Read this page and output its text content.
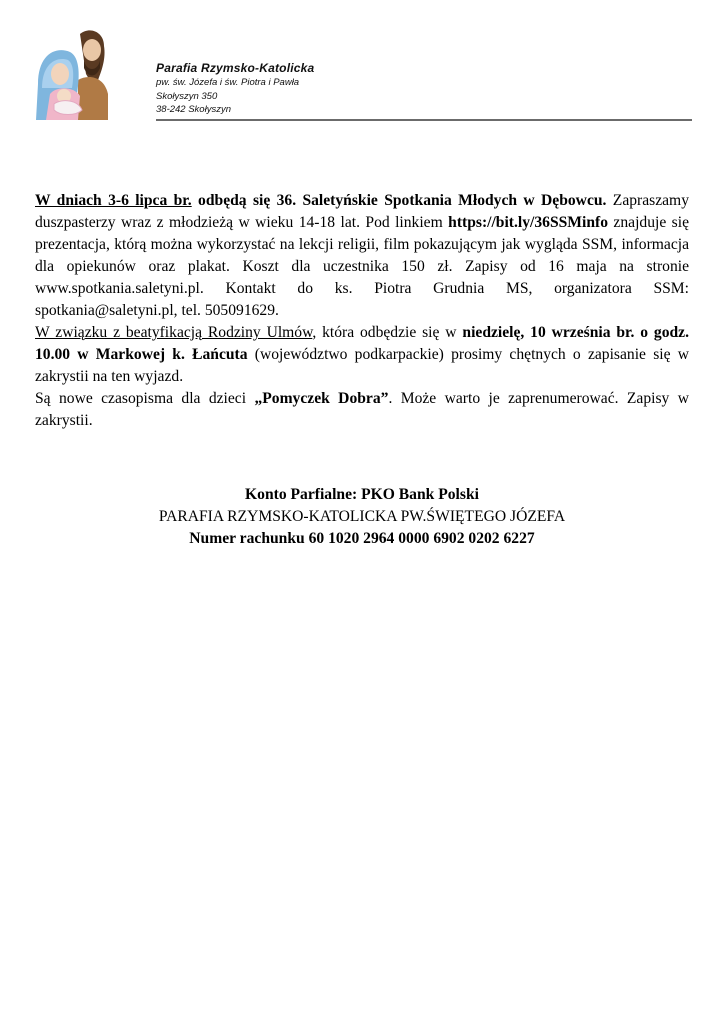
Parafia Rzymsko-Katolicka
pw. św. Józefa i św. Piotra i Pawła
Skołyszyn 350
38-242 Skołyszyn

W dniach 3-6 lipca br. odbędą się 36. Saletyńskie Spotkania Młodych w Dębowcu. Zapraszamy duszpasterzy wraz z młodzieżą w wieku 14-18 lat. Pod linkiem https://bit.ly/36SSMinfo znajduje się prezentacja, którą można wykorzystać na lekcji religii, film pokazującym jak wygląda SSM, informacja dla opiekunów oraz plakat. Koszt dla uczestnika 150 zł. Zapisy od 16 maja na stronie www.spotkania.saletyni.pl. Kontakt do ks. Piotra Grudnia MS, organizatora SSM: spotkania@saletyni.pl, tel. 505091629.

W związku z beatyfikacją Rodziny Ulmów, która odbędzie się w niedzielę, 10 września br. o godz. 10.00 w Markowej k. Łańcuta (województwo podkarpackie) prosimy chętnych o zapisanie się w zakrystii na ten wyjazd.

Są nowe czasopisma dla dzieci „Pomyczek Dobra”. Może warto je zaprenumerować. Zapisy w zakrystii.

Konto Parfialne: PKO Bank Polski
PARAFIA RZYMSKO-KATOLICKA PW.ŚWIĘTEGO JÓZEFA
Numer rachunku 60 1020 2964 0000 6902 0202 6227
